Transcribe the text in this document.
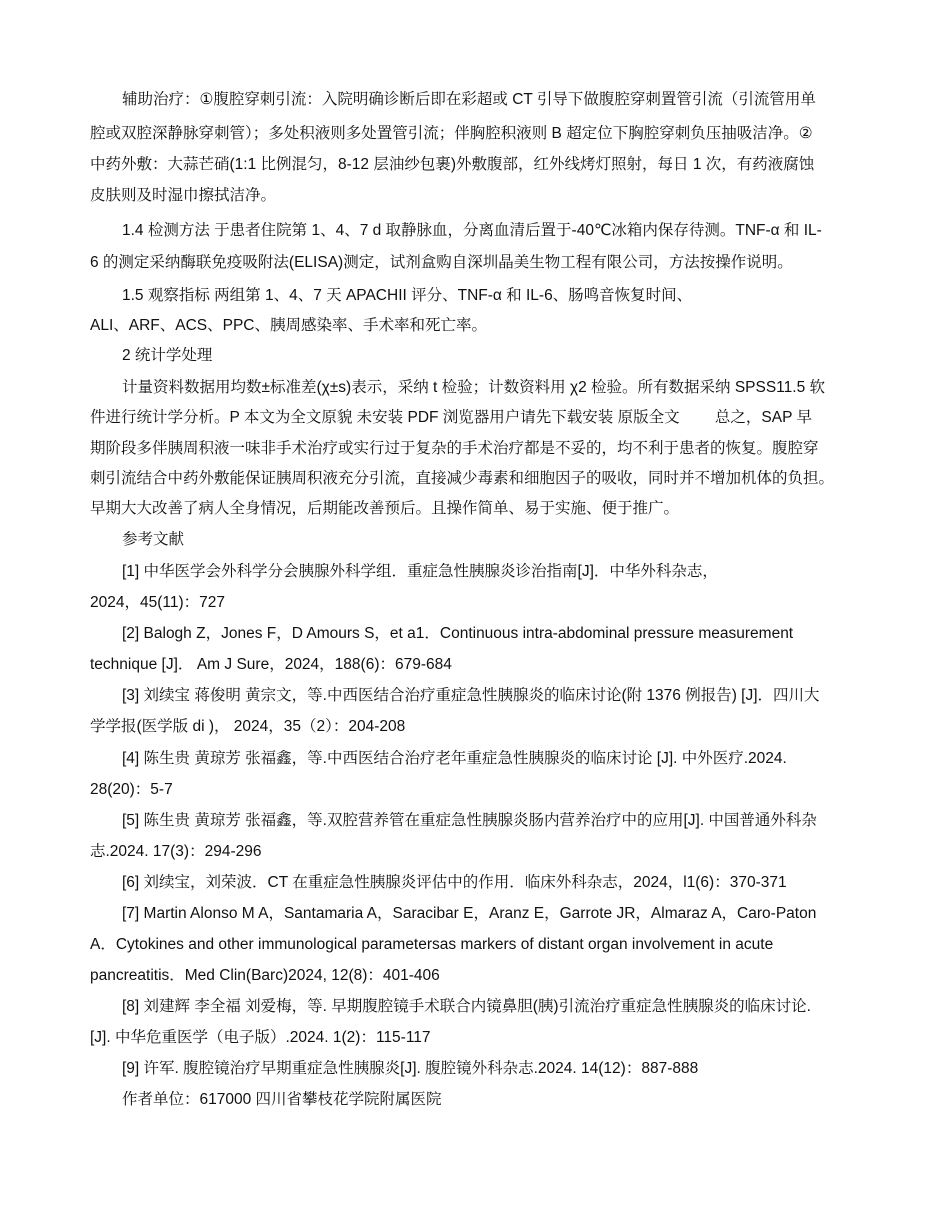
辅助治疗：①腹腔穿刺引流：入院明确诊断后即在彩超或 CT 引导下做腹腔穿刺置管引流（引流管用单

腔或双腔深静脉穿刺管）；多处积液则多处置管引流；伴胸腔积液则 B 超定位下胸腔穿刺负压抽吸洁净。②

中药外敷：大蒜芒硝(1:1 比例混匀，8-12 层油纱包裹)外敷腹部，红外线烤灯照射，每日 1 次，有药液腐蚀

皮肤则及时湿巾擦拭洁净。

1.4 检测方法 于患者住院第 1、4、7 d 取静脉血，分离血清后置于-40℃冰箱内保存待测。TNF-α 和 IL-

6 的测定采纳酶联免疫吸附法(ELISA)测定，试剂盒购自深圳晶美生物工程有限公司，方法按操作说明。

1.5 观察指标 两组第 1、4、7 天 APACHII 评分、TNF-α 和 IL-6、肠鸣音恢复时间、

ALI、ARF、ACS、PPC、胰周感染率、手术率和死亡率。

2 统计学处理

计量资料数据用均数±标准差(χ±s)表示，采纳 t 检验；计数资料用 χ2 检验。所有数据采纳 SPSS11.5 软

件进行统计学分析。P 本文为全文原貌 未安装 PDF 浏览器用户请先下载安装 原版全文　　 总之，SAP 早

期阶段多伴胰周积液一味非手术治疗或实行过于复杂的手术治疗都是不妥的，均不利于患者的恢复。腹腔穿

刺引流结合中药外敷能保证胰周积液充分引流，直接减少毒素和细胞因子的吸收，同时并不增加机体的负担。

早期大大改善了病人全身情况，后期能改善预后。且操作简单、易于实施、便于推广。

参考文献

[1] 中华医学会外科学分会胰腺外科学组．重症急性胰腺炎诊治指南[J]．中华外科杂志，

2024，45(11)：727

[2] Balogh Z，Jones F，D Amours S，et a1．Continuous intra-abdominal pressure measurement

technique [J]． Am J Sure，2024，188(6)：679-684

[3] 刘续宝 蒋俊明 黄宗文，等.中西医结合治疗重症急性胰腺炎的临床讨论(附 1376 例报告) [J]．四川大

学学报(医学版 di )， 2024，35（2）：204-208

[4] 陈生贵 黄琼芳 张福鑫，等.中西医结合治疗老年重症急性胰腺炎的临床讨论 [J]. 中外医疗.2024.

28(20)：5-7

[5] 陈生贵 黄琼芳 张福鑫，等.双腔营养管在重症急性胰腺炎肠内营养治疗中的应用[J]. 中国普通外科杂

志.2024. 17(3)：294-296

[6] 刘续宝，刘荣波．CT 在重症急性胰腺炎评估中的作用．临床外科杂志，2024，l1(6)：370-371

[7] Martin Alonso M A，Santamaria A，Saracibar E，Aranz E，Garrote JR，Almaraz A，Caro-Paton

A．Cytokines and other immunological parametersas markers of distant organ involvement in acute

pancreatitis．Med Clin(Barc)2024, 12(8)：401-406

[8] 刘建辉 李全福 刘爱梅，等. 早期腹腔镜手术联合内镜鼻胆(胰)引流治疗重症急性胰腺炎的临床讨论.

[J]. 中华危重医学（电子版）.2024. 1(2)：115-117

[9] 许军. 腹腔镜治疗早期重症急性胰腺炎[J]. 腹腔镜外科杂志.2024. 14(12)：887-888

作者单位：617000 四川省攀枝花学院附属医院
